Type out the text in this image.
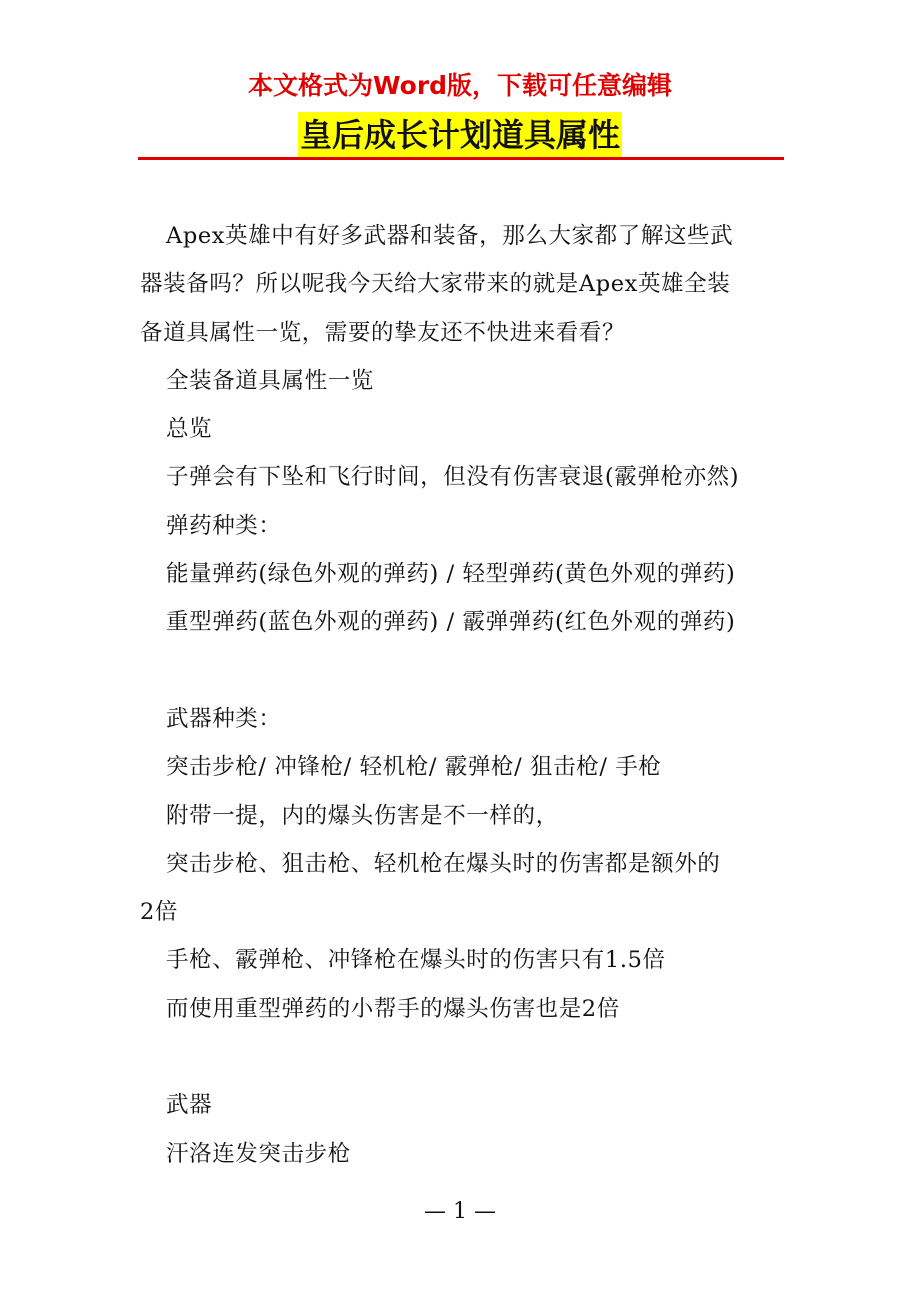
本文格式为Word版，下载可任意编辑
皇后成长计划道具属性
Apex英雄中有好多武器和装备，那么大家都了解这些武
器装备吗？所以呢我今天给大家带来的就是Apex英雄全装
备道具属性一览，需要的挚友还不快进来看看？
全装备道具属性一览
总览
子弹会有下坠和飞行时间，但没有伤害衰退(霰弹枪亦然)
弹药种类：
能量弹药(绿色外观的弹药) / 轻型弹药(黄色外观的弹药)
重型弹药(蓝色外观的弹药) / 霰弹弹药(红色外观的弹药)
武器种类：
突击步枪/ 冲锋枪/ 轻机枪/ 霰弹枪/ 狙击枪/ 手枪
附带一提，内的爆头伤害是不一样的，
突击步枪、狙击枪、轻机枪在爆头时的伤害都是额外的
2倍
手枪、霰弹枪、冲锋枪在爆头时的伤害只有1.5倍
而使用重型弹药的小帮手的爆头伤害也是2倍
武器
汗洛连发突击步枪
— 1 —
